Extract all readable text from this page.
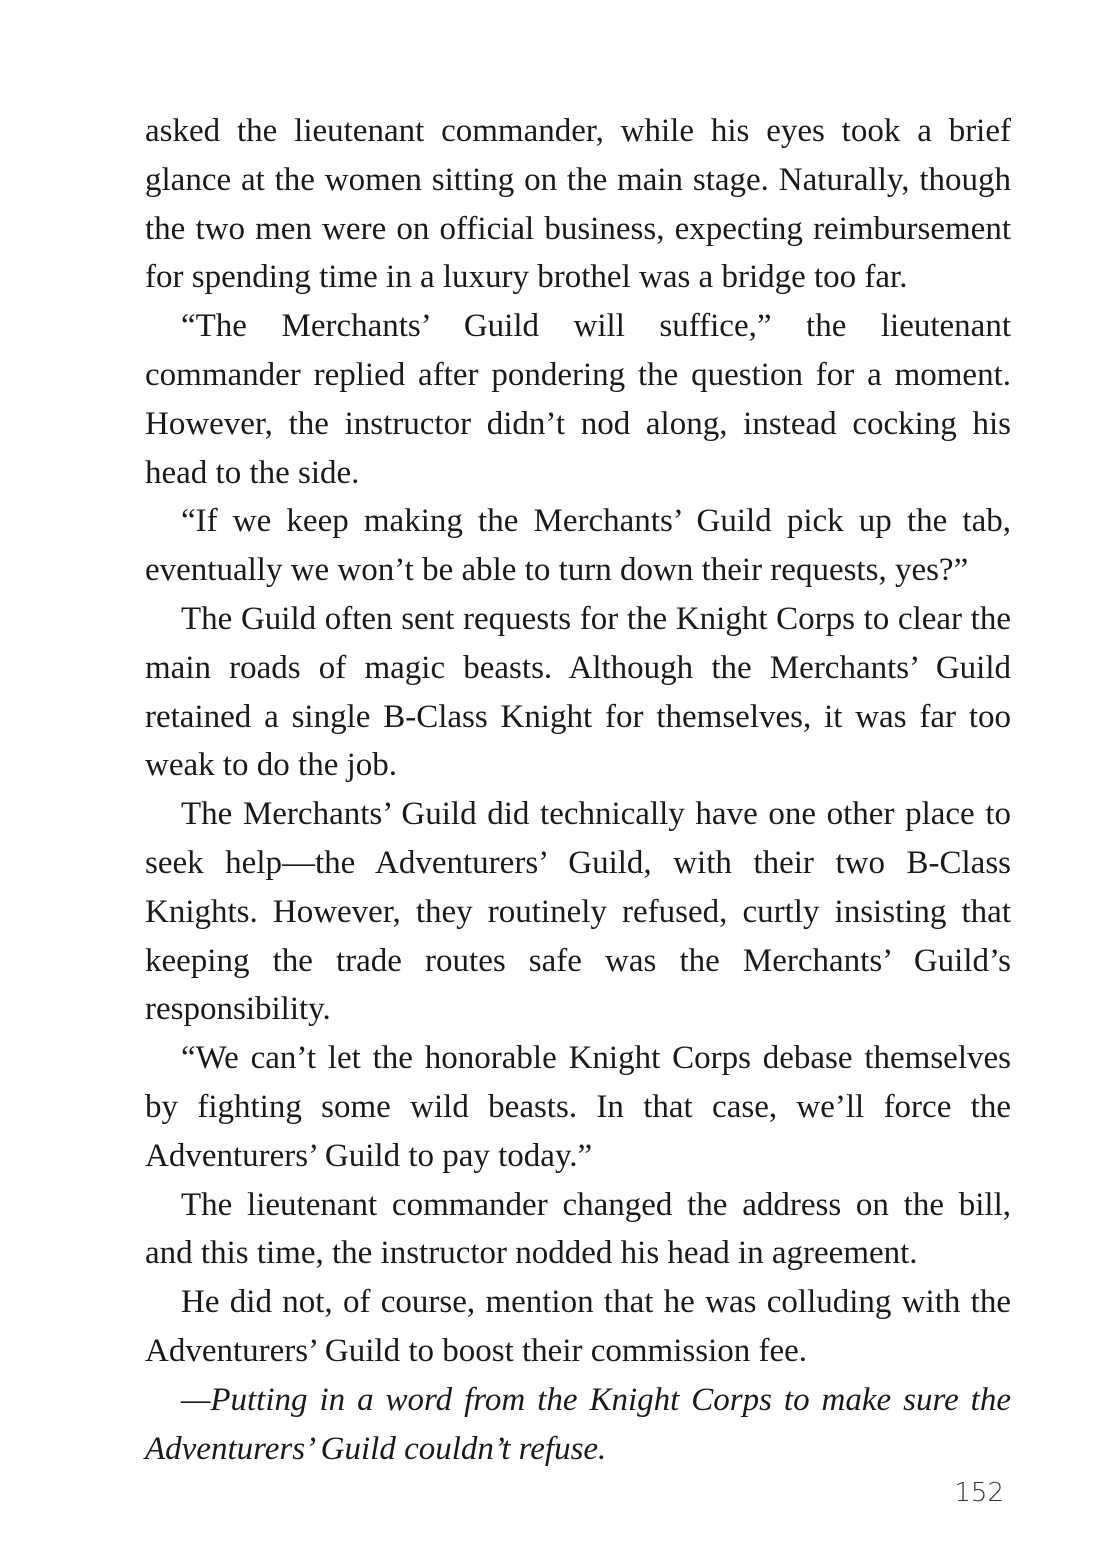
asked the lieutenant commander, while his eyes took a brief glance at the women sitting on the main stage. Naturally, though the two men were on official business, expecting reimbursement for spending time in a luxury brothel was a bridge too far.

“The Merchants’ Guild will suffice,” the lieutenant commander replied after pondering the question for a moment. However, the instructor didn’t nod along, instead cocking his head to the side.

“If we keep making the Merchants’ Guild pick up the tab, eventually we won’t be able to turn down their requests, yes?”

The Guild often sent requests for the Knight Corps to clear the main roads of magic beasts. Although the Merchants’ Guild retained a single B-Class Knight for themselves, it was far too weak to do the job.

The Merchants’ Guild did technically have one other place to seek help—the Adventurers’ Guild, with their two B-Class Knights. However, they routinely refused, curtly insisting that keeping the trade routes safe was the Merchants’ Guild’s responsibility.

“We can’t let the honorable Knight Corps debase themselves by fighting some wild beasts. In that case, we’ll force the Adventurers’ Guild to pay today.”

The lieutenant commander changed the address on the bill, and this time, the instructor nodded his head in agreement.

He did not, of course, mention that he was colluding with the Adventurers’ Guild to boost their commission fee.

—Putting in a word from the Knight Corps to make sure the Adventurers’ Guild couldn’t refuse.

152
